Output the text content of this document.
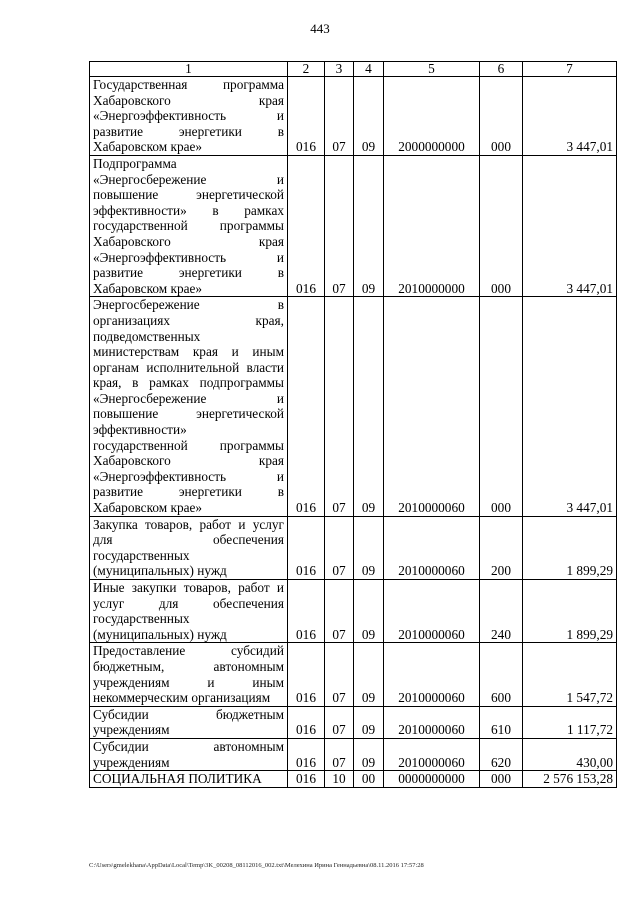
443
1	2	3	4	5	6	7
Государственная программа Хабаровского края «Энергоэффективность и развитие энергетики в Хабаровском крае»	016	07	09	2000000000	000	3 447,01
Подпрограмма «Энергосбережение и повышение энергетической эффективности» в рамках государственной программы Хабаровского края «Энергоэффективность и развитие энергетики в Хабаровском крае»	016	07	09	2010000000	000	3 447,01
Энергосбережение в организациях края, подведомственных министерствам края и иным органам исполнительной власти края, в рамках подпрограммы «Энергосбережение и повышение энергетической эффективности» государственной программы Хабаровского края «Энергоэффективность и развитие энергетики в Хабаровском крае»	016	07	09	2010000060	000	3 447,01
Закупка товаров, работ и услуг для обеспечения государственных (муниципальных) нужд	016	07	09	2010000060	200	1 899,29
Иные закупки товаров, работ и услуг для обеспечения государственных (муниципальных) нужд	016	07	09	2010000060	240	1 899,29
Предоставление субсидий бюджетным, автономным учреждениям и иным некоммерческим организациям	016	07	09	2010000060	600	1 547,72
Субсидии бюджетным учреждениям	016	07	09	2010000060	610	1 117,72
Субсидии автономным учреждениям	016	07	09	2010000060	620	430,00
СОЦИАЛЬНАЯ ПОЛИТИКА	016	10	00	0000000000	000	2 576 153,28
C:\Users\gmelekhana\AppData\Local\Temp\3K_00208_08112016_002.txt\Мелехина Ирина Геннадьевна\08.11.2016 17:57:28
